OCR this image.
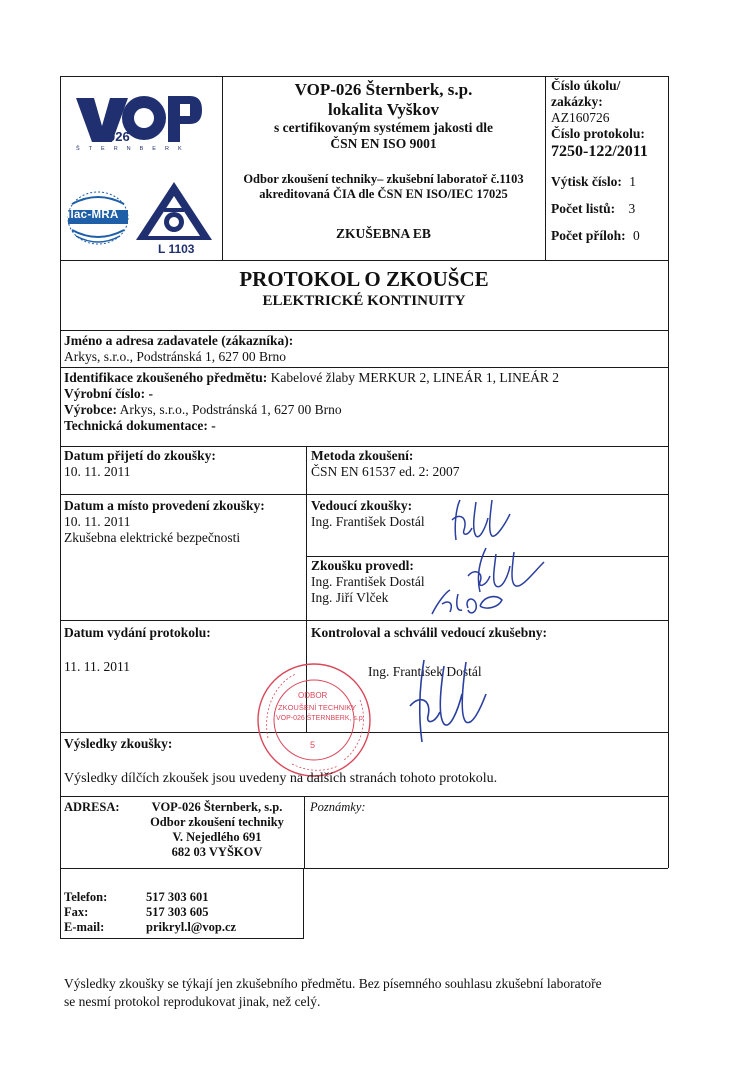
026
ŠTERNBERK
ilac-MRA
L 1103
VOP-026 Šternberk, s.p.
lokalita Vyškov
s certifikovaným systémem jakosti dle
ČSN EN ISO 9001
Odbor zkoušení techniky– zkušební laboratoř č.1103
akreditovaná ČIA dle ČSN EN ISO/IEC 17025
ZKUŠEBNA EB
Číslo úkolu/
zakázky:
AZ160726
Číslo protokolu:
7250-122/2011
Výtisk číslo: 1
Počet listů: 3
Počet příloh: 0
PROTOKOL O ZKOUŠCE
ELEKTRICKÉ KONTINUITY
Jméno a adresa zadavatele (zákazníka):
Arkys, s.r.o., Podstránská 1, 627 00 Brno
Identifikace zkoušeného předmětu: Kabelové žlaby MERKUR 2, LINEÁR 1, LINEÁR 2
Výrobní číslo: -
Výrobce: Arkys, s.r.o., Podstránská 1, 627 00 Brno
Technická dokumentace: -
Datum přijetí do zkoušky:
10. 11. 2011
Metoda zkoušení:
ČSN EN 61537 ed. 2: 2007
Datum a místo provedení zkoušky:
10. 11. 2011
Zkušebna elektrické bezpečnosti
Vedoucí zkoušky:
Ing. František Dostál
Zkoušku provedl:
Ing. František Dostál
Ing. Jiří Vlček
Datum vydání protokolu:
11. 11. 2011
Kontroloval a schválil vedoucí zkušebny:
Ing. František Dostál
ODBOR
ZKOUŠENÍ TECHNIKY
VOP-026 ŠTERNBERK, s.p.
5
Výsledky zkoušky:
Výsledky dílčích zkoušek jsou uvedeny na dalších stranách tohoto protokolu.
ADRESA:	VOP-026 Šternberk, s.p.
Odbor zkoušení techniky
V. Nejedlého 691
682 03 VYŠKOV
Poznámky:
Telefon:
Fax:
E-mail:
517 303 601
517 303 605
prikryl.l@vop.cz
Výsledky zkoušky se týkají jen zkušebního předmětu. Bez písemného souhlasu zkušební laboratoře
se nesmí protokol reprodukovat jinak, než celý.
